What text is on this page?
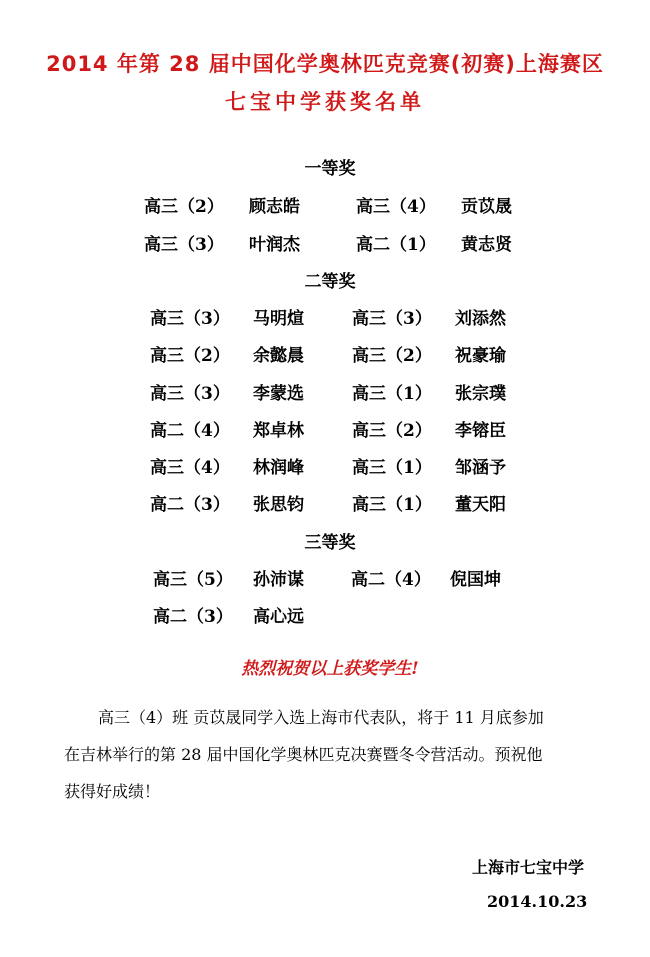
2014 年第 28 届中国化学奥林匹克竞赛(初赛)上海赛区
七宝中学获奖名单
一等奖
高三（2） 顾志皓	高三（4） 贡苡晟
高三（3） 叶润杰	高二（1） 黄志贤
二等奖
高三（3） 马明煊	高三（3） 刘添然
高三（2） 余懿晨	高三（2） 祝豪瑜
高三（3） 李蒙选	高三（1） 张宗璞
高二（4） 郑卓林	高三（2） 李镕臣
高三（4） 林润峰	高三（1） 邹涵予
高二（3） 张思钧	高三（1） 董天阳
三等奖
高三（5） 孙沛谋	高二（4） 倪国坤
高二（3） 高心远
热烈祝贺以上获奖学生!

高三（4）班 贡苡晟同学入选上海市代表队，将于 11 月底参加

在吉林举行的第 28 届中国化学奥林匹克决赛暨冬令营活动。预祝他

获得好成绩！

上海市七宝中学
2014.10.23
